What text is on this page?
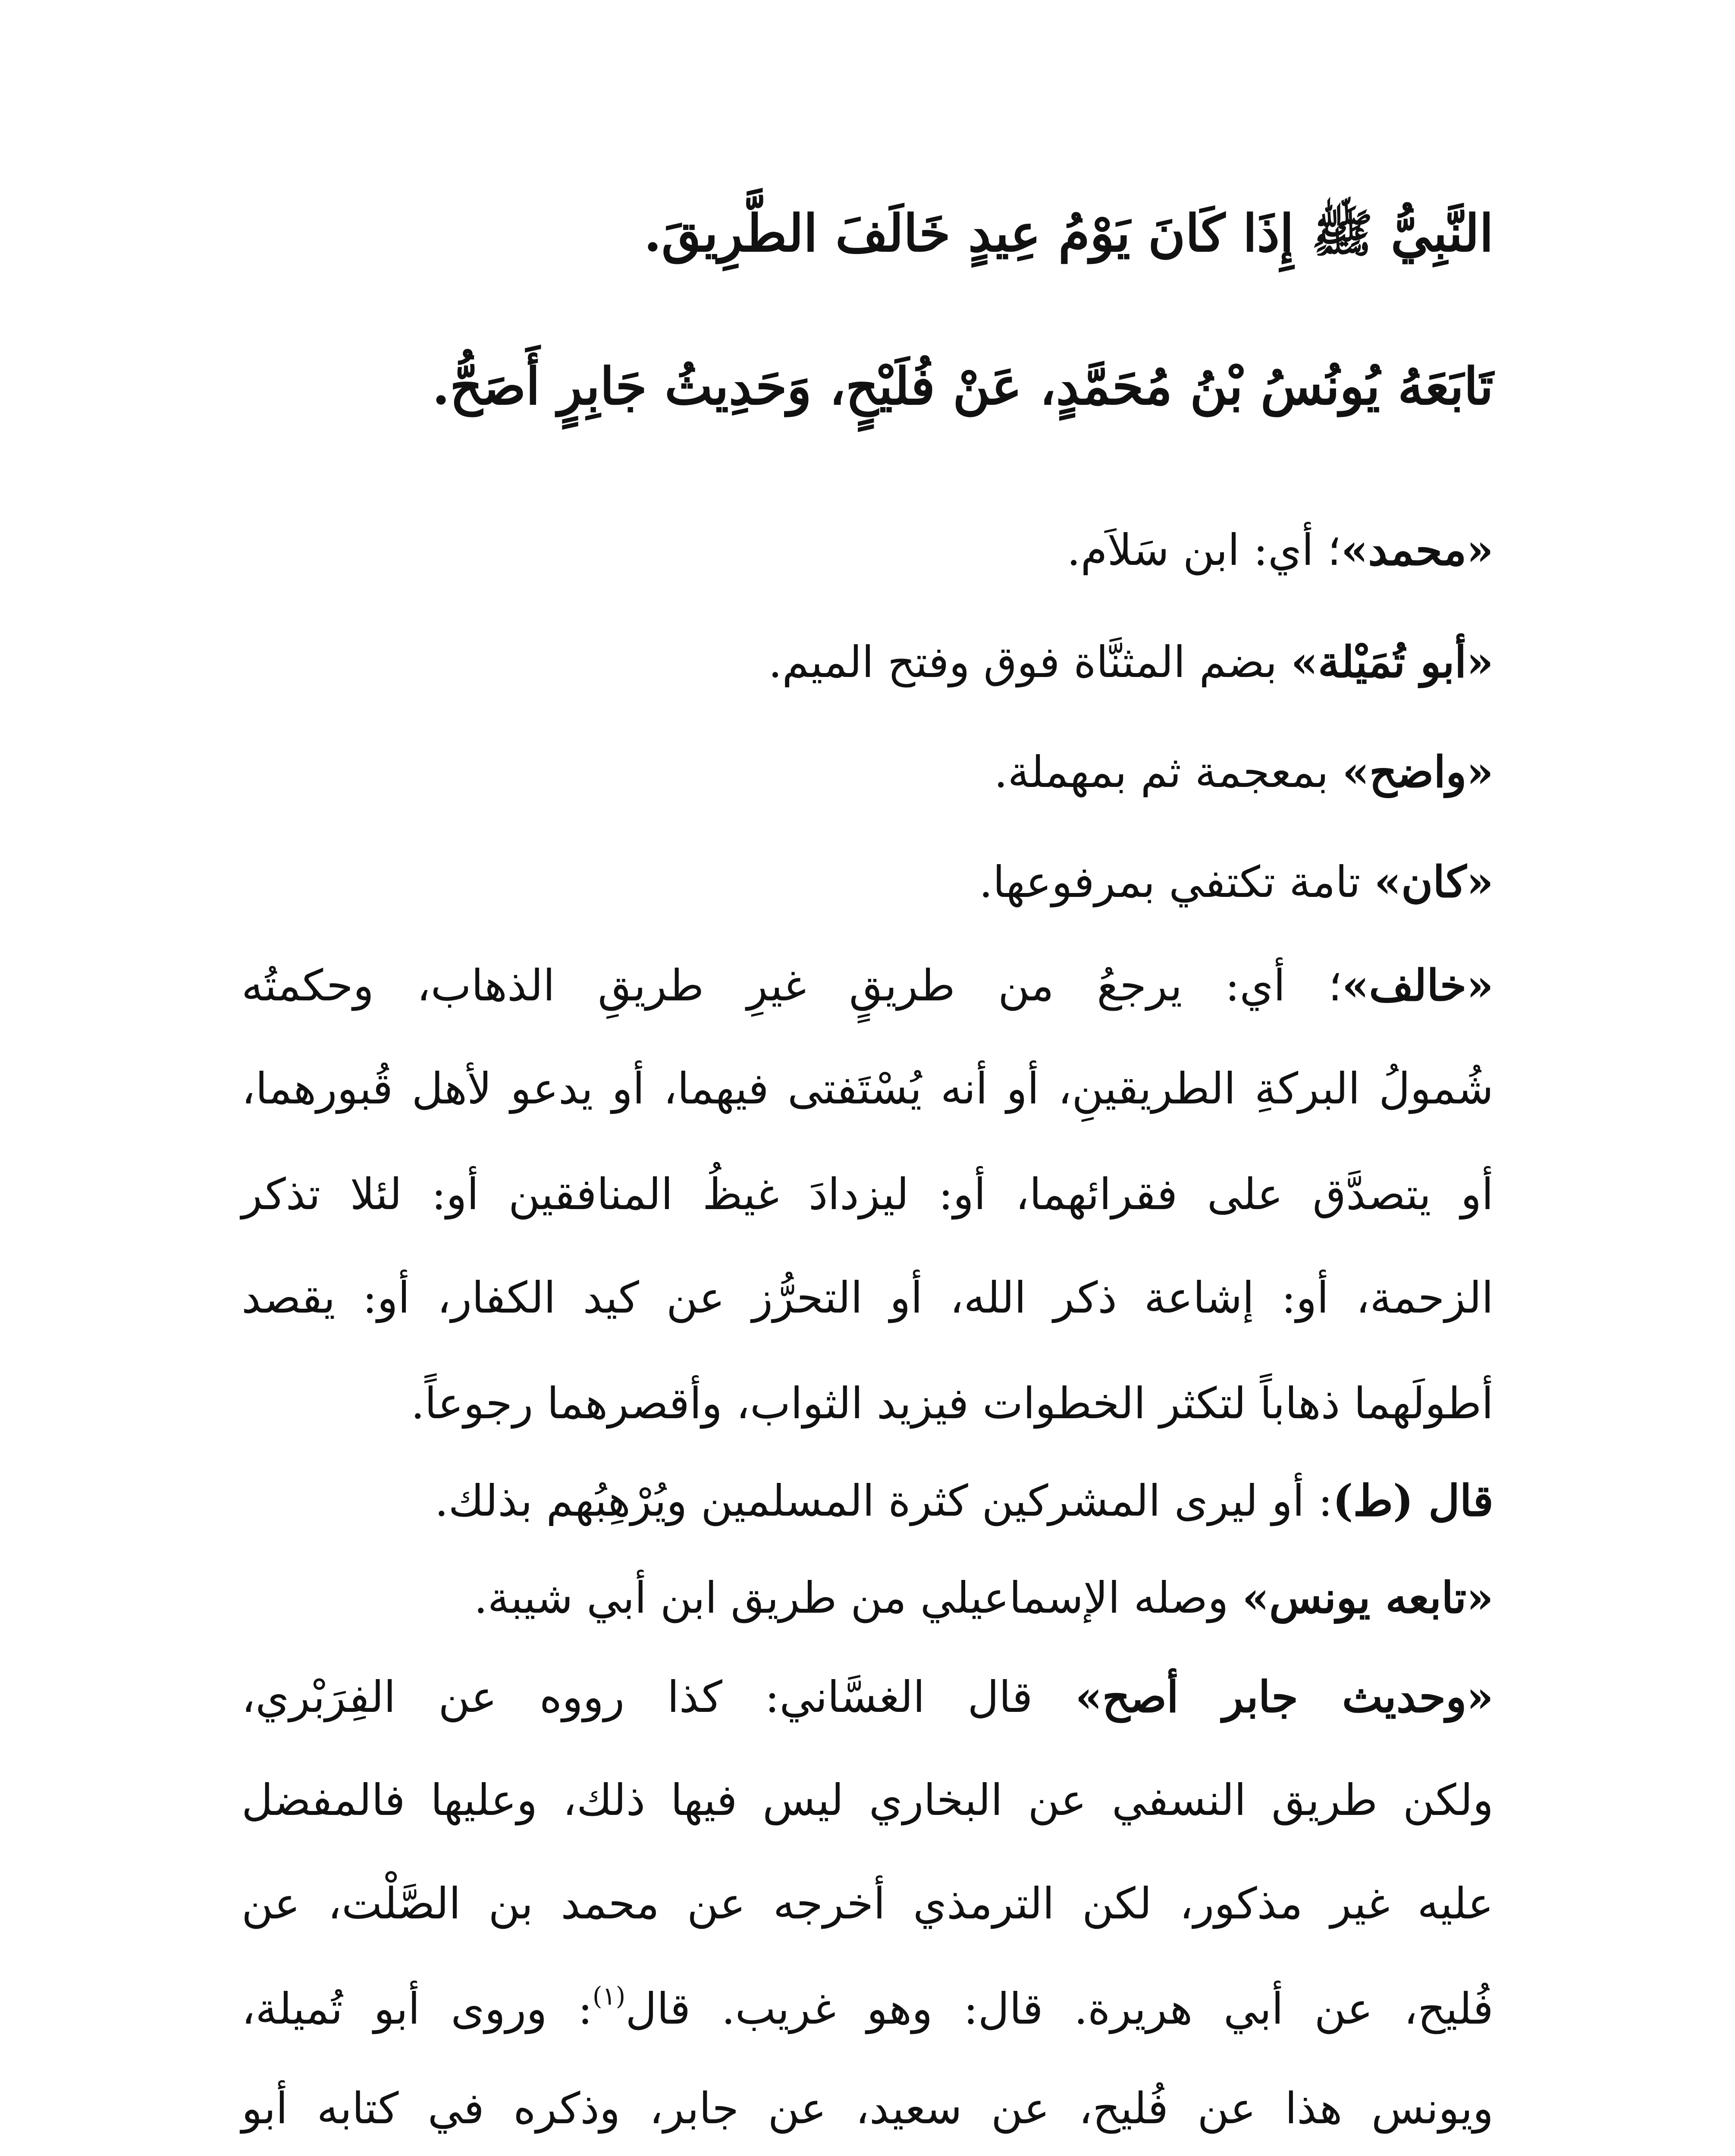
النَّبِيُّ ﷺ إِذَا كَانَ يَوْمُ عِيدٍ خَالَفَ الطَّرِيقَ.
تَابَعَهُ يُونُسُ بْنُ مُحَمَّدٍ، عَنْ فُلَيْحٍ، وَحَدِيثُ جَابِرٍ أَصَحُّ.
«محمد»؛ أي: ابن سَلاَم.
«أبو تُمَيْلة» بضم المثنَّاة فوق وفتح الميم.
«واضح» بمعجمة ثم بمهملة.
«كان» تامة تكتفي بمرفوعها.
«خالف»؛ أي: يرجعُ من طريقٍ غيرِ طريقِ الذهاب، وحكمتُه
شُمولُ البركةِ الطريقينِ، أو أنه يُسْتَفتى فيهما، أو يدعو لأهل قُبورهما،
أو يتصدَّق على فقرائهما، أو: ليزدادَ غيظُ المنافقين أو: لئلا تذكر
الزحمة، أو: إشاعة ذكر الله، أو التحرُّز عن كيد الكفار، أو: يقصد
أطولَهما ذهاباً لتكثر الخطوات فيزيد الثواب، وأقصرهما رجوعاً.
قال (ط): أو ليرى المشركين كثرة المسلمين ويُرْهِبُهم بذلك.
«تابعه يونس» وصله الإسماعيلي من طريق ابن أبي شيبة.
«وحديث جابر أصح» قال الغسَّاني: كذا رووه عن الفِرَبْري،
ولكن طريق النسفي عن البخاري ليس فيها ذلك، وعليها فالمفضل
عليه غير مذكور، لكن الترمذي أخرجه عن محمد بن الصَّلْت، عن
فُليح، عن أبي هريرة. قال: وهو غريب. قال$^{(١)}$: وروى أبو تُميلة،
ويونس هذا عن فُليح، عن سعيد، عن جابر، وذكره في كتابه أبو
